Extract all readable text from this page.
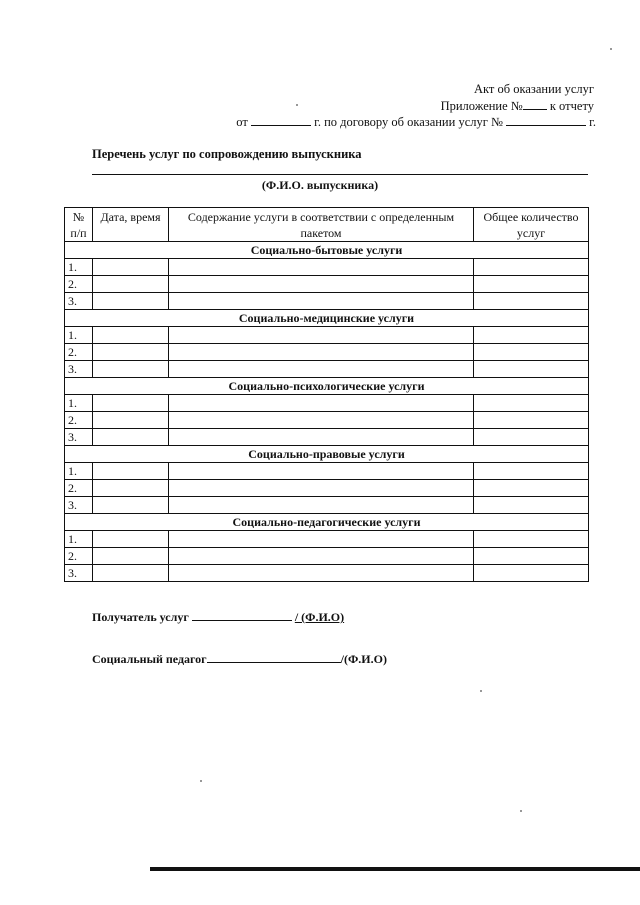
Акт об оказании услуг
Приложение № к отчету
от	г. по договору об оказании услуг №	г.
Перечень услуг по сопровождению выпускника
(Ф.И.О. выпускника)
№ п/п	Дата, время	Содержание услуги в соответствии с определенным пакетом	Общее количество услуг
Социально-бытовые услуги			
1.			
2.			
3.			
Социально-медицинские услуги			
1.			
2.			
3.			
Социально-психологические услуги			
1.			
2.			
3.			
Социально-правовые услуги			
1.			
2.			
3.			
Социально-педагогические услуги			
1.			
2.			
3.			
Получатель услуг	/ (Ф.И.О)
Социальный педагог	/(Ф.И.О)
